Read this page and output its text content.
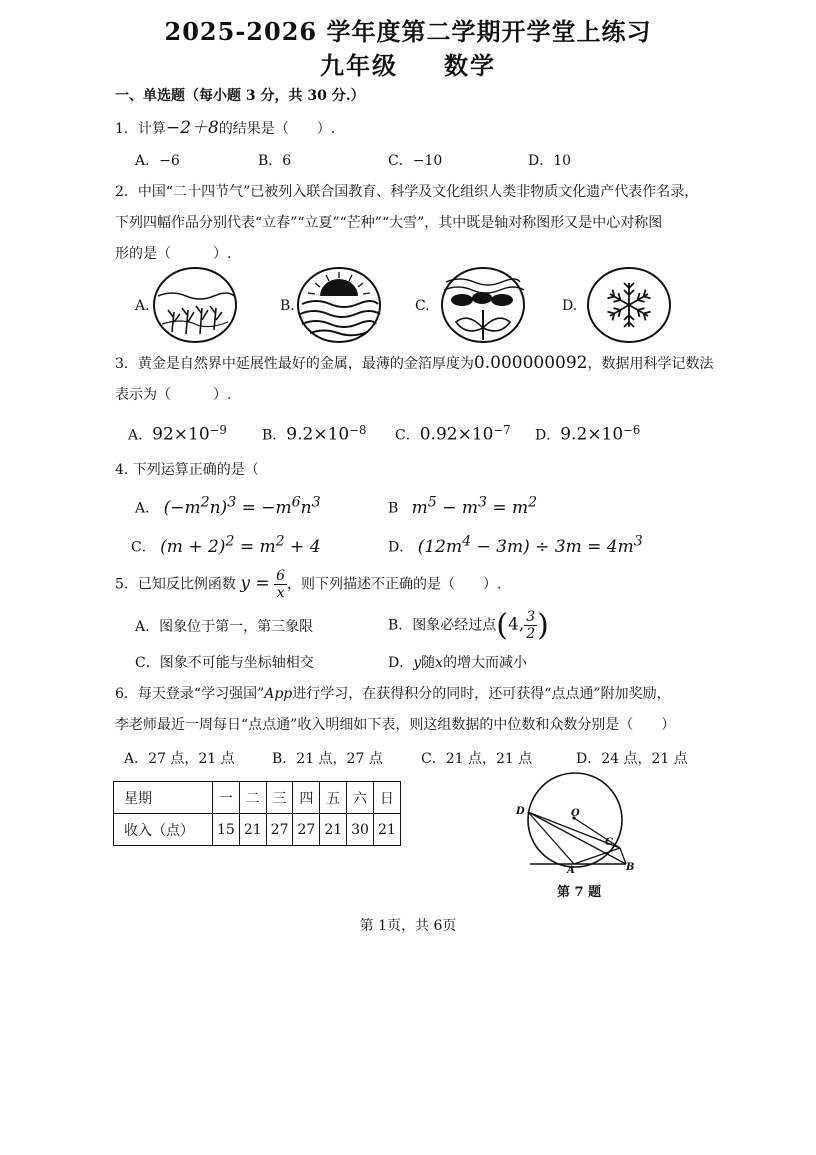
2025-2026 学年度第二学期开学堂上练习
九年级 数学
一、单选题（每小题 3 分，共 30 分.）
1．计算−2＋8的结果是（　　）.
A．−6	B．6	C．−10	D．10
2．中国“二十四节气”已被列入联合国教育、科学及文化组织人类非物质文化遗产代表作名录，
下列四幅作品分别代表“立春”“立夏”“芒种”“大雪”，其中既是轴对称图形又是中心对称图
形的是（　　　）.
A.	B.	C.	D.
3．黄金是自然界中延展性最好的金属，最薄的金箔厚度为0.000000092，数据用科学记数法
表示为（　　　）.
A．$92\times 10^{-9}$	B．$9.2\times 10^{-8}$ C．$0.92\times 10^{-7}$ D．$9.2\times 10^{-6}$
4. 下列运算正确的是（
A． $(-m^2n)^3 = -m^6n^3$	B $m^5 - m^3 = m^2$
C． $(m + 2)^2 = m^2 + 4$	D． $(12m^4 - 3m) \div 3m = 4m^3$
5．已知反比例函数 $y = \frac{6}{x}$ ，则下列描述不正确的是（　　）.
A．图象位于第一，第三象限	B．图象必经过点(4, $\frac{3}{2}$ )
C．图象不可能与坐标轴相交	D．y随x的增大而减小
6．每天登录“学习强国”App进行学习，在获得积分的同时，还可获得“点点通”附加奖励，
李老师最近一周每日“点点通”收入明细如下表，则这组数据的中位数和众数分别是（　　）
A．27 点，21 点	B．21 点，27 点	C．21 点，21 点	D．24 点，21 点
星期	一	二	三	四	五	六	日
收入（点）	15	21	27	27	21	30	21
D	O
C
A	B
第 7 题
第 1页，共 6页
